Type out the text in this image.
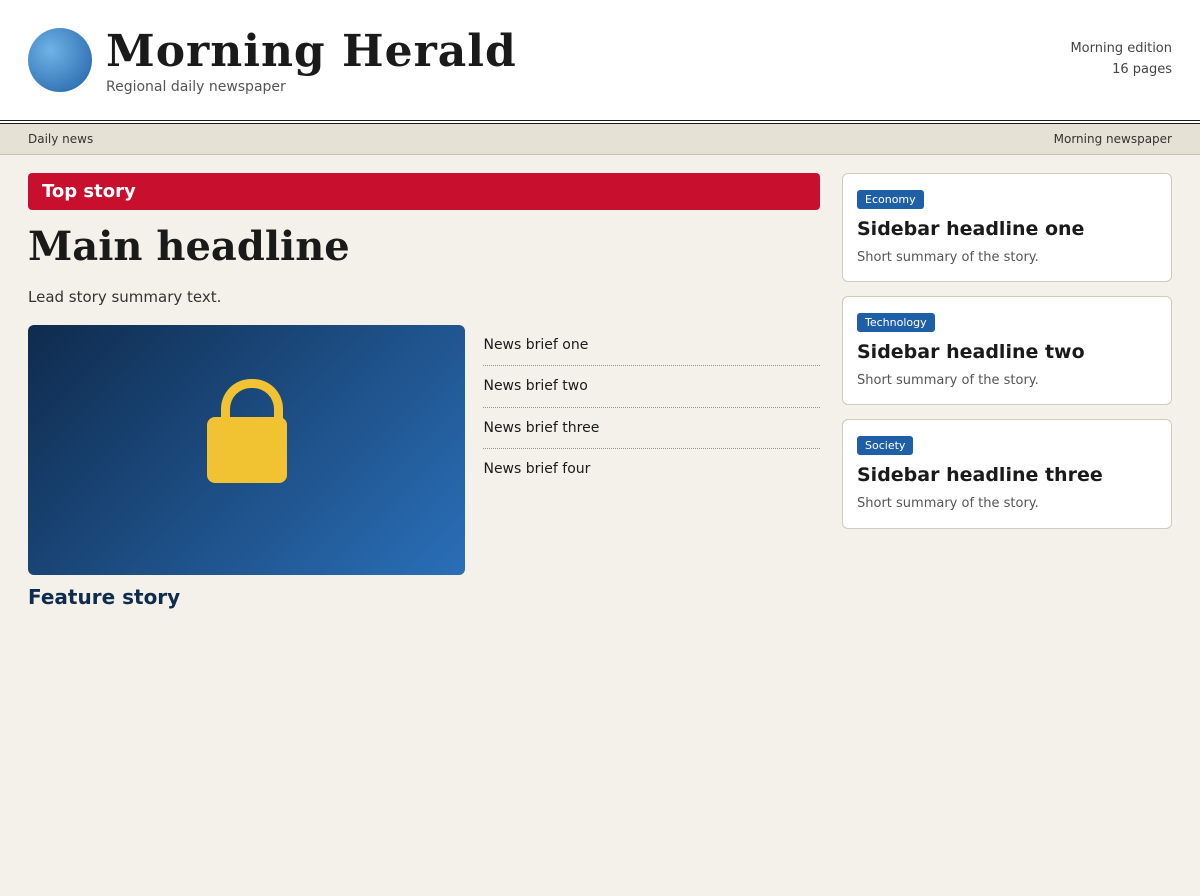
Morning Herald
Regional daily newspaper
Morning edition
16 pages
Daily news	Morning newspaper
Top story
Main headline

Lead story summary text.

Feature story
News brief one
News brief two
News brief three
News brief four
Economy
Sidebar headline one
Short summary of the story.
Technology
Sidebar headline two
Short summary of the story.
Society
Sidebar headline three
Short summary of the story.
